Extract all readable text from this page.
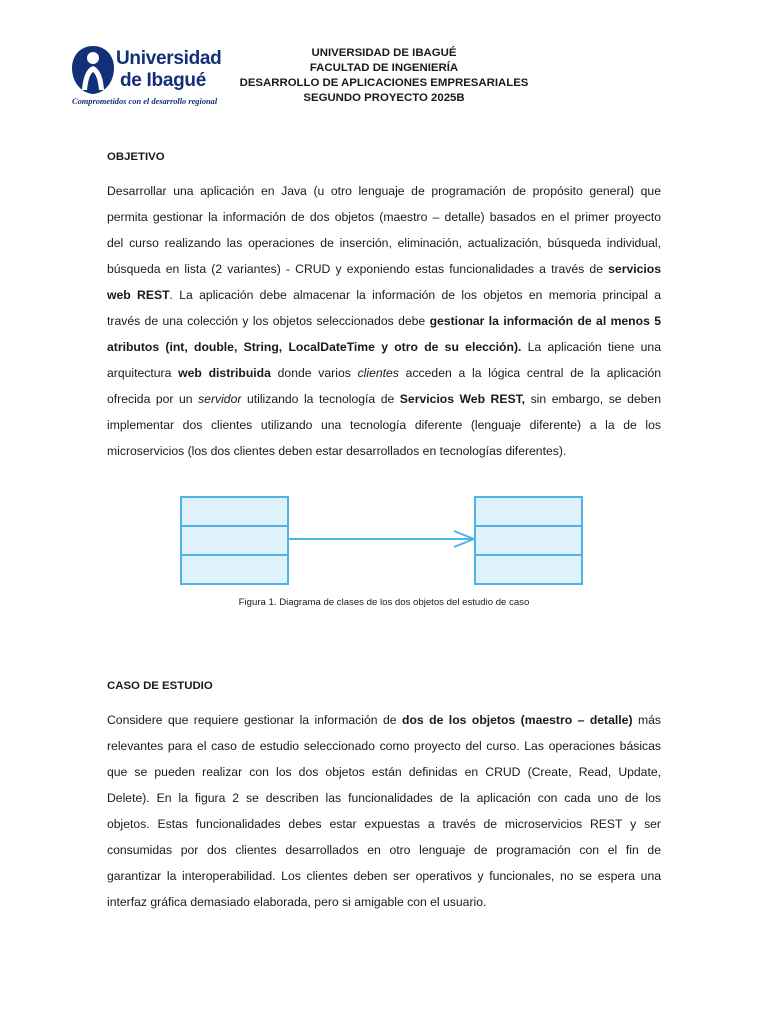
Universidad
de Ibagué
Comprometidos con el desarrollo regional
UNIVERSIDAD DE IBAGUÉ
FACULTAD DE INGENIERÍA
DESARROLLO DE APLICACIONES EMPRESARIALES
SEGUNDO PROYECTO 2025B
OBJETIVO
Desarrollar una aplicación en Java (u otro lenguaje de programación de propósito general) que
permita gestionar la información de dos objetos (maestro – detalle) basados en el primer proyecto
del curso realizando las operaciones de inserción, eliminación, actualización, búsqueda individual,
búsqueda en lista (2 variantes) - CRUD y exponiendo estas funcionalidades a través de servicios
web REST. La aplicación debe almacenar la información de los objetos en memoria principal a
través de una colección y los objetos seleccionados debe gestionar la información de al menos 5
atributos (int, double, String, LocalDateTime y otro de su elección). La aplicación tiene una
arquitectura web distribuida donde varios clientes acceden a la lógica central de la aplicación
ofrecida por un servidor utilizando la tecnología de Servicios Web REST, sin embargo, se deben
implementar dos clientes utilizando una tecnología diferente (lenguaje diferente) a la de los
microservicios (los dos clientes deben estar desarrollados en tecnologías diferentes).
Figura 1. Diagrama de clases de los dos objetos del estudio de caso
CASO DE ESTUDIO
Considere que requiere gestionar la información de dos de los objetos (maestro – detalle) más
relevantes para el caso de estudio seleccionado como proyecto del curso. Las operaciones básicas
que se pueden realizar con los dos objetos están definidas en CRUD (Create, Read, Update,
Delete). En la figura 2 se describen las funcionalidades de la aplicación con cada uno de los
objetos. Estas funcionalidades debes estar expuestas a través de microservicios REST y ser
consumidas por dos clientes desarrollados en otro lenguaje de programación con el fin de
garantizar la interoperabilidad. Los clientes deben ser operativos y funcionales, no se espera una
interfaz gráfica demasiado elaborada, pero si amigable con el usuario.
